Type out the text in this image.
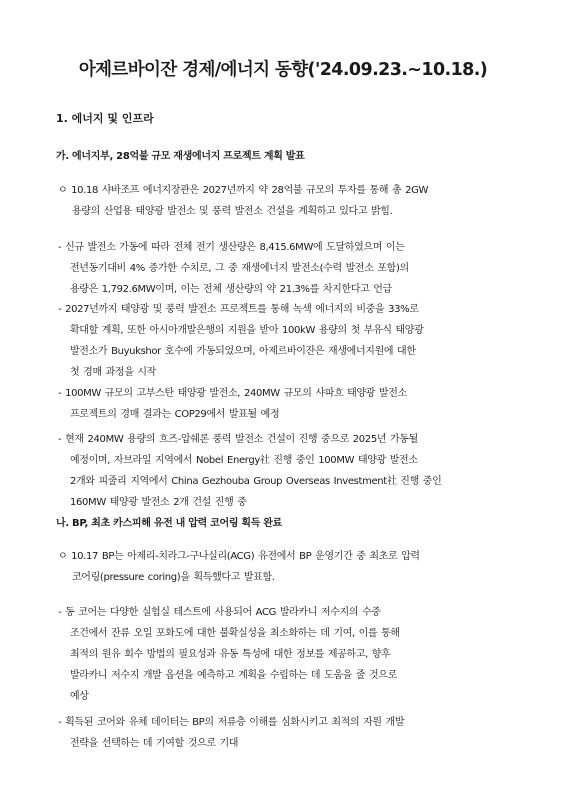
아제르바이잔 경제/에너지 동향('24.09.23.~10.18.)
1. 에너지 및 인프라
가. 에너지부, 28억불 규모 재생에너지 프로젝트 계획 발표
ㅇ 10.18 샤바조프 에너지장관은 2027년까지 약 28억불 규모의 투자를 통해 총 2GW
용량의 산업용 태양광 발전소 및 풍력 발전소 건설을 계획하고 있다고 밝힘.
- 신규 발전소 가동에 따라 전체 전기 생산량은 8,415.6MW에 도달하였으며 이는
전년동기대비 4% 증가한 수치로, 그 중 재생에너지 발전소(수력 발전소 포함)의
용량은 1,792.6MW이며, 이는 전체 생산량의 약 21.3%를 차지한다고 언급
- 2027년까지 태양광 및 풍력 발전소 프로젝트를 통해 녹색 에너지의 비중을 33%로
확대할 계획, 또한 아시아개발은행의 지원을 받아 100kW 용량의 첫 부유식 태양광
발전소가 Buyukshor 호수에 가동되었으며, 아제르바이잔은 재생에너지원에 대한
첫 경매 과정을 시작
- 100MW 규모의 고부스탄 태양광 발전소, 240MW 규모의 샤파흐 태양광 발전소
프로젝트의 경매 결과는 COP29에서 발표될 예정
- 현재 240MW 용량의 흐즈-압쉐론 풍력 발전소 건설이 진행 중으로 2025년 가동될
예정이며, 자브라일 지역에서 Nobel Energy社 진행 중인 100MW 태양광 발전소
2개와 피줄리 지역에서 China Gezhouba Group Overseas Investment社 진행 중인
160MW 태양광 발전소 2개 건설 진행 중
나. BP, 최초 카스피해 유전 내 압력 코어링 획득 완료
ㅇ 10.17 BP는 아제리-치라그-구나실리(ACG) 유전에서 BP 운영기간 중 최초로 압력
코어링(pressure coring)을 획득했다고 발표함.
- 동 코어는 다양한 실험실 테스트에 사용되어 ACG 발라카니 저수지의 수중
조건에서 잔류 오일 포화도에 대한 불확실성을 최소화하는 데 기여, 이를 통해
최적의 원유 회수 방법의 필요성과 유동 특성에 대한 정보를 제공하고, 향후
발라카니 저수지 개발 옵션을 예측하고 계획을 수립하는 데 도움을 줄 것으로
예상
- 획득된 코어와 유체 데이터는 BP의 저류층 이해를 심화시키고 최적의 자원 개발
전략을 선택하는 데 기여할 것으로 기대
